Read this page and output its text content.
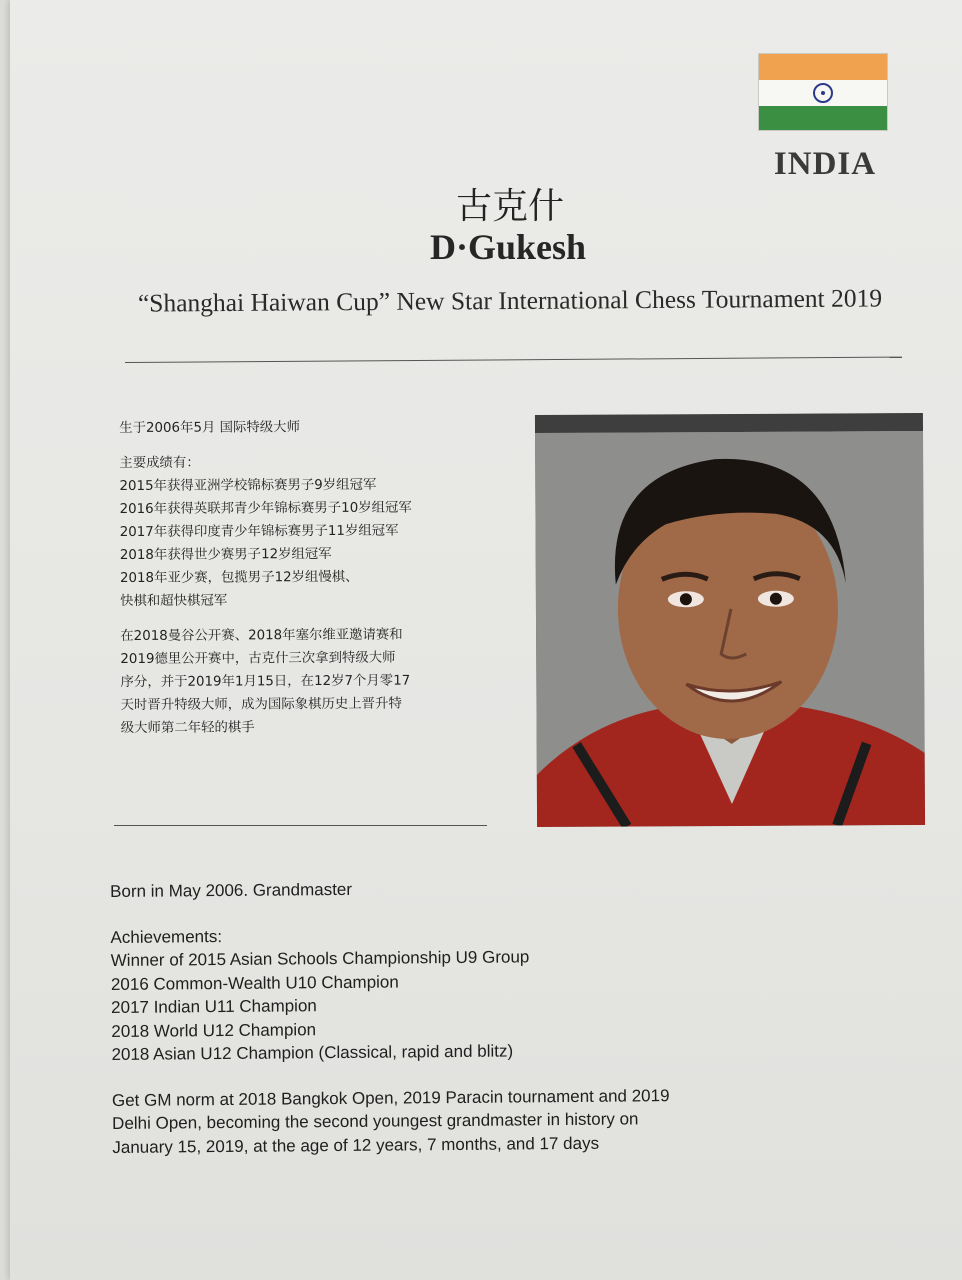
INDIA
古克什
D·Gukesh
“Shanghai Haiwan Cup” New Star International Chess Tournament 2019
生于2006年5月 国际特级大师
主要成绩有：
2015年获得亚洲学校锦标赛男子9岁组冠军
2016年获得英联邦青少年锦标赛男子10岁组冠军
2017年获得印度青少年锦标赛男子11岁组冠军
2018年获得世少赛男子12岁组冠军
2018年亚少赛，包揽男子12岁组慢棋、
快棋和超快棋冠军
在2018曼谷公开赛、2018年塞尔维亚邀请赛和
2019德里公开赛中，古克什三次拿到特级大师
序分，并于2019年1月15日，在12岁7个月零17
天时晋升特级大师，成为国际象棋历史上晋升特
级大师第二年轻的棋手
Born in May 2006. Grandmaster
Achievements:
Winner of 2015 Asian Schools Championship U9 Group
2016 Common-Wealth U10 Champion
2017 Indian U11 Champion
2018 World U12 Champion
2018 Asian U12 Champion (Classical, rapid and blitz)
Get GM norm at 2018 Bangkok Open, 2019 Paracin tournament and 2019
Delhi Open, becoming the second youngest grandmaster in history on
January 15, 2019, at the age of 12 years, 7 months, and 17 days
